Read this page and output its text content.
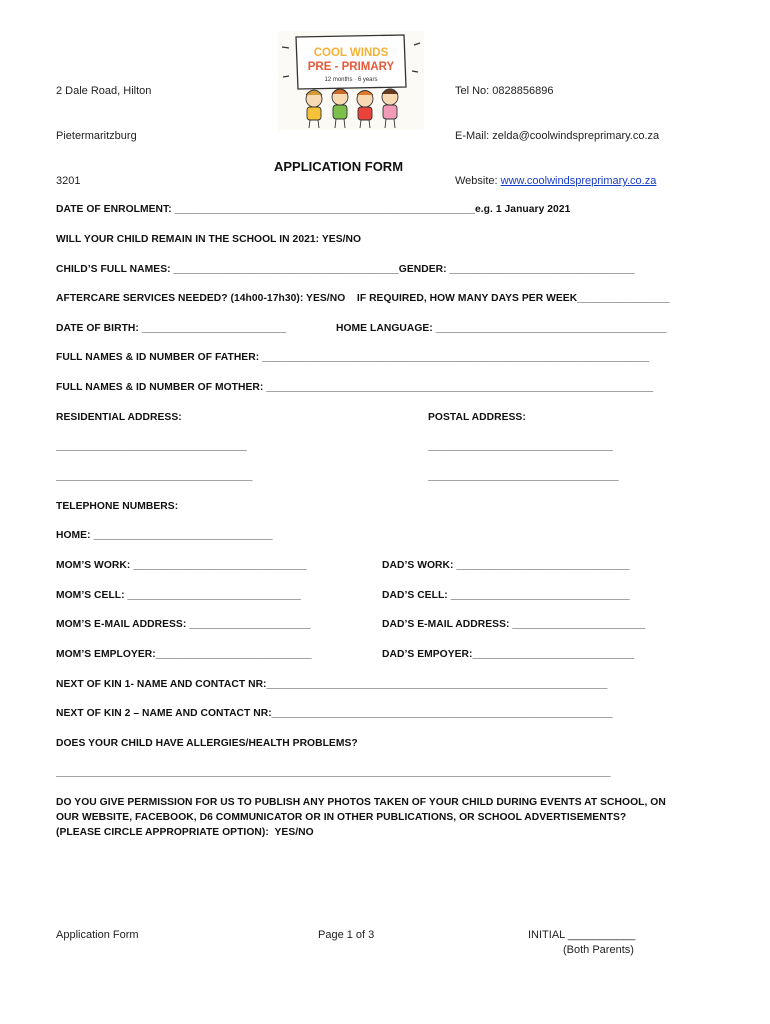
2 Dale Road, Hilton

Pietermaritzburg

3201

COOL WINDS
PRE - PRIMARY
12 months · 6 years

Tel No: 0828856896

E-Mail: zelda@coolwindspreprimary.co.za

Website: www.coolwindspreprimary.co.za

APPLICATION FORM
DATE OF ENROLMENT: ____________________________________________________e.g. 1 January 2021
WILL YOUR CHILD REMAIN IN THE SCHOOL IN 2021: YES/NO
CHILD’S FULL NAMES: _______________________________________GENDER: ________________________________
AFTERCARE SERVICES NEEDED? (14h00-17h30): YES/NO    IF REQUIRED, HOW MANY DAYS PER WEEK________________
DATE OF BIRTH: _________________________	HOME LANGUAGE: ________________________________________
FULL NAMES & ID NUMBER OF FATHER: ___________________________________________________________________
FULL NAMES & ID NUMBER OF MOTHER: ___________________________________________________________________
RESIDENTIAL ADDRESS:	POSTAL ADDRESS:
_________________________________	________________________________
__________________________________	_________________________________
TELEPHONE NUMBERS:
HOME: _______________________________
MOM’S WORK: ______________________________	DAD’S WORK: ______________________________
MOM’S CELL: ______________________________	DAD’S CELL: _______________________________
MOM’S E-MAIL ADDRESS: _____________________	DAD’S E-MAIL ADDRESS: _______________________
MOM’S EMPLOYER:___________________________	DAD’S EMPOYER:____________________________
NEXT OF KIN 1- NAME AND CONTACT NR:___________________________________________________________
NEXT OF KIN 2 – NAME AND CONTACT NR:___________________________________________________________
DOES YOUR CHILD HAVE ALLERGIES/HEALTH PROBLEMS?
________________________________________________________________________________________________
DO YOU GIVE PERMISSION FOR US TO PUBLISH ANY PHOTOS TAKEN OF YOUR CHILD DURING EVENTS AT SCHOOL, ON
OUR WEBSITE, FACEBOOK, D6 COMMUNICATOR OR IN OTHER PUBLICATIONS, OR SCHOOL ADVERTISEMENTS?
(PLEASE CIRCLE APPROPRIATE OPTION):  YES/NO
Application Form	Page 1 of 3	INITIAL ___________
(Both Parents)
